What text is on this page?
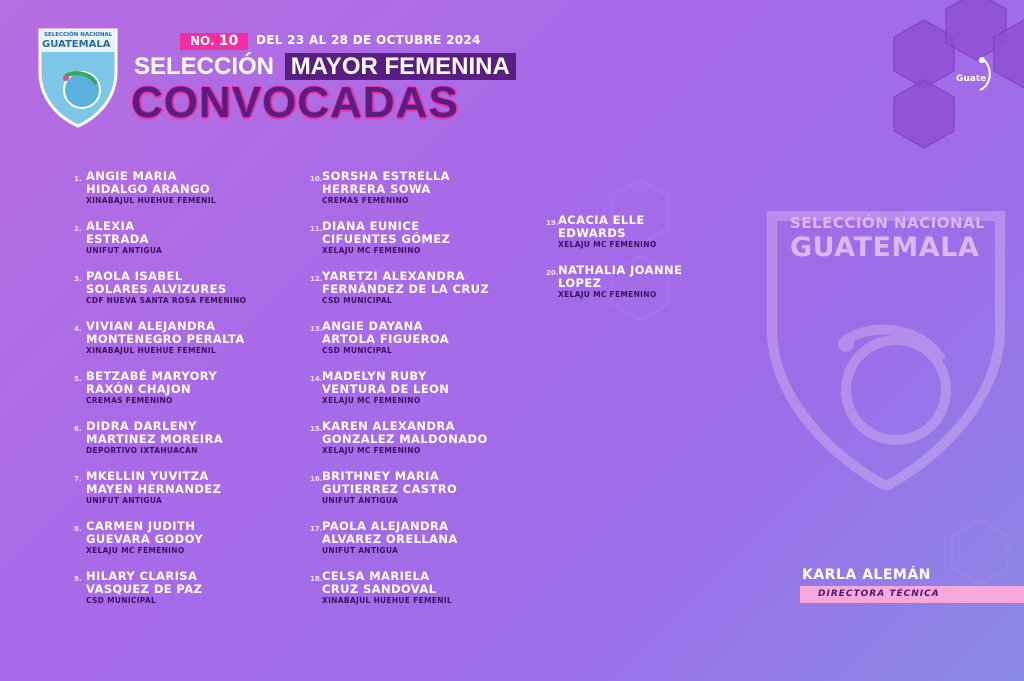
SELECCIÓN NACIONAL
GUATEMALA	NO. 10	DEL 23 AL 28 DE OCTUBRE 2024
SELECCIÓN MAYOR FEMENINA
CONVOCADAS	Guate
SELECCIÓN NACIONAL
GUATEMALA
1. ANGIE MARIA
HIDALGO ARANGO
XINABAJUL HUEHUE FEMENIL
2. ALEXIA
ESTRADA
UNIFUT ANTIGUA
3. PAOLA ISABEL
SOLARES ALVIZURES
CDF NUEVA SANTA ROSA FEMENINO
4. VIVIAN ALEJANDRA
MONTENEGRO PERALTA
XINABAJUL HUEHUE FEMENIL
5. BETZABÉ MARYORY
RAXÓN CHAJON
CREMAS FEMENINO
6. DIDRA DARLENY
MARTINEZ MOREIRA
DEPORTIVO IXTAHUACÁN
7. MKELLIN YUVITZA
MAYEN HERNANDEZ
UNIFUT ANTIGUA
8. CARMEN JUDITH
GUEVARA GODOY
XELAJU MC FEMENINO
9. HILARY CLARISA
VASQUEZ DE PAZ
CSD MUNICIPAL
10. SORSHA ESTRELLA
HERRERA SOWA
CREMAS FEMENINO
11. DIANA EUNICE
CIFUENTES GÓMEZ
XELAJU MC FEMENINO
12. YARETZI ALEXANDRA
FERNÁNDEZ DE LA CRUZ
CSD MUNICIPAL
13. ANGIE DAYANA
ARTOLA FIGUEROA
CSD MUNICIPAL
14. MADELYN RUBY
VENTURA DE LEON
XELAJU MC FEMENINO
15. KAREN ALEXANDRA
GONZALEZ MALDONADO
XELAJU MC FEMENINO
16. BRITHNEY MARIA
GUTIERREZ CASTRO
UNIFUT ANTIGUA
17. PAOLA ALEJANDRA
ALVAREZ ORELLANA
UNIFUT ANTIGUA
18. CELSA MARIELA
CRUZ SANDOVAL
XINABAJUL HUEHUE FEMENIL
19. ACACIA ELLE
EDWARDS
XELAJU MC FEMENINO
20. NATHALIA JOANNE
LOPEZ
XELAJU MC FEMENINO
KARLA ALEMÁN
DIRECTORA TÉCNICA
